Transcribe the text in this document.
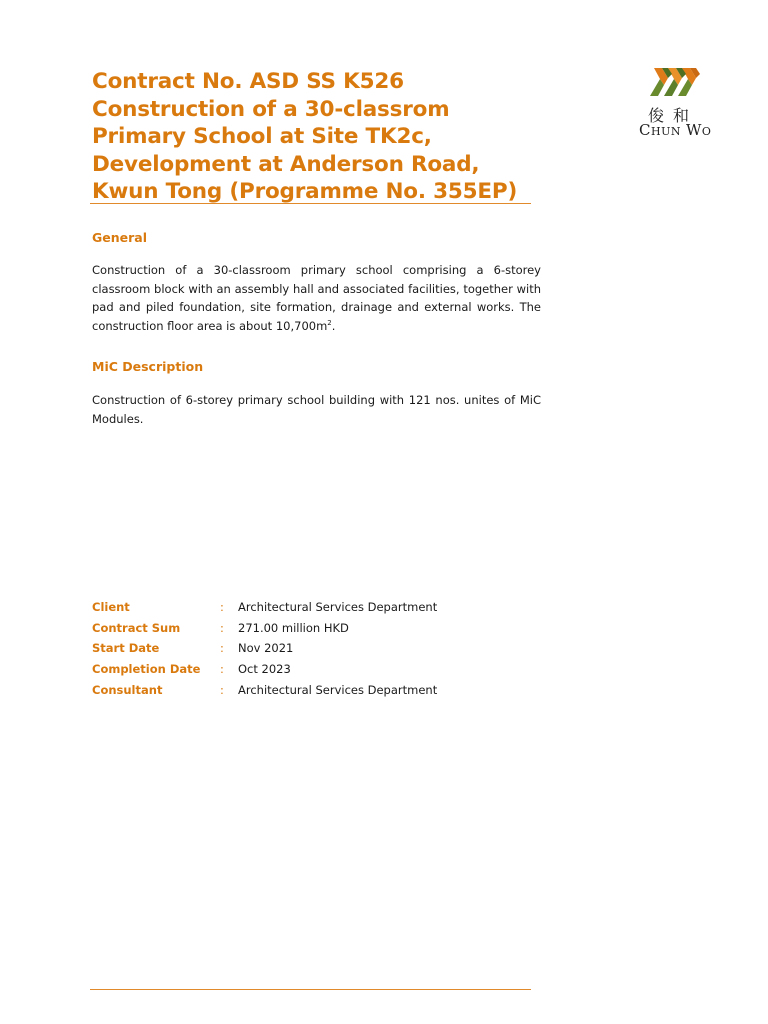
Contract No. ASD SS K526
Construction of a 30-classrom
Primary School at Site TK2c,
Development at Anderson Road,
Kwun Tong (Programme No. 355EP)
俊和
CHUN WO
General

Construction of a 30-classroom primary school comprising a 6-storey classroom block with an assembly hall and associated facilities, together with pad and piled foundation, site formation, drainage and external works. The construction floor area is about $10,700m^2$.

MiC Description

Construction of 6-storey primary school building with 121 nos. unites of MiC Modules.

Client	:	Architectural Services Department
Contract Sum	:	271.00 million HKD
Start Date	:	Nov 2021
Completion Date	:	Oct 2023
Consultant	:	Architectural Services Department
